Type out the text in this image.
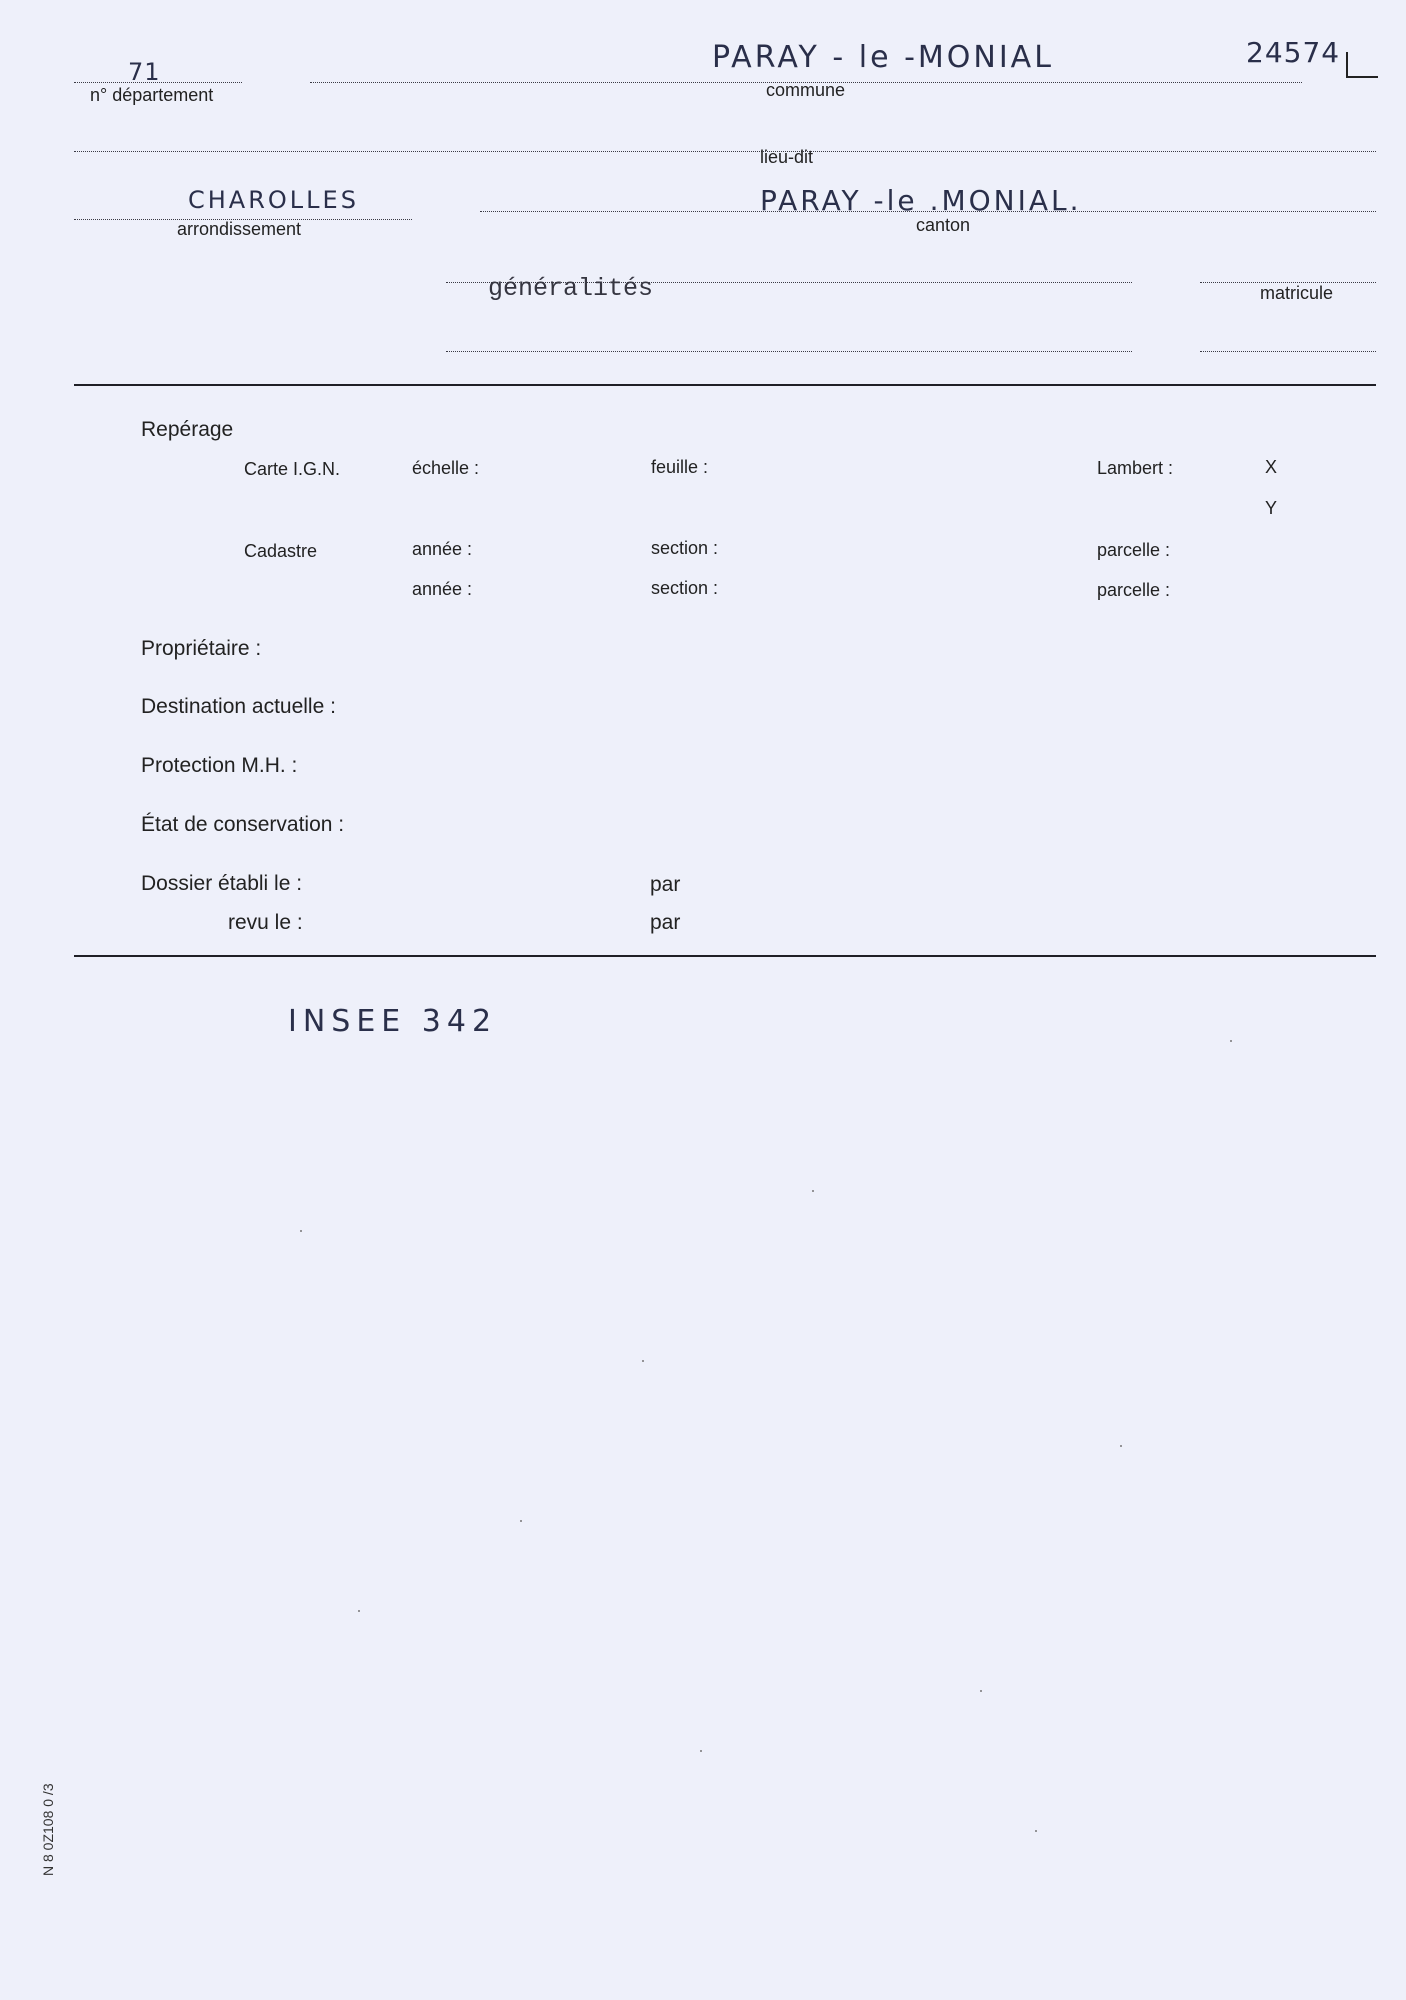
71
n° département
PARAY - le -MONIAL
commune
24574
lieu-dit
CHAROLLES
arrondissement
PARAY -le .MONIAL.
canton
généralités	matricule
Repérage
Carte I.G.N.	échelle :	feuille :	Lambert :	X
Y
Cadastre	année :	section :	parcelle :
année :	section :	parcelle :
Propriétaire :
Destination actuelle :
Protection M.H. :
État de conservation :
Dossier établi le :	par
revu le :	par
INSEE 342
N 8 0Z108 0 /3
